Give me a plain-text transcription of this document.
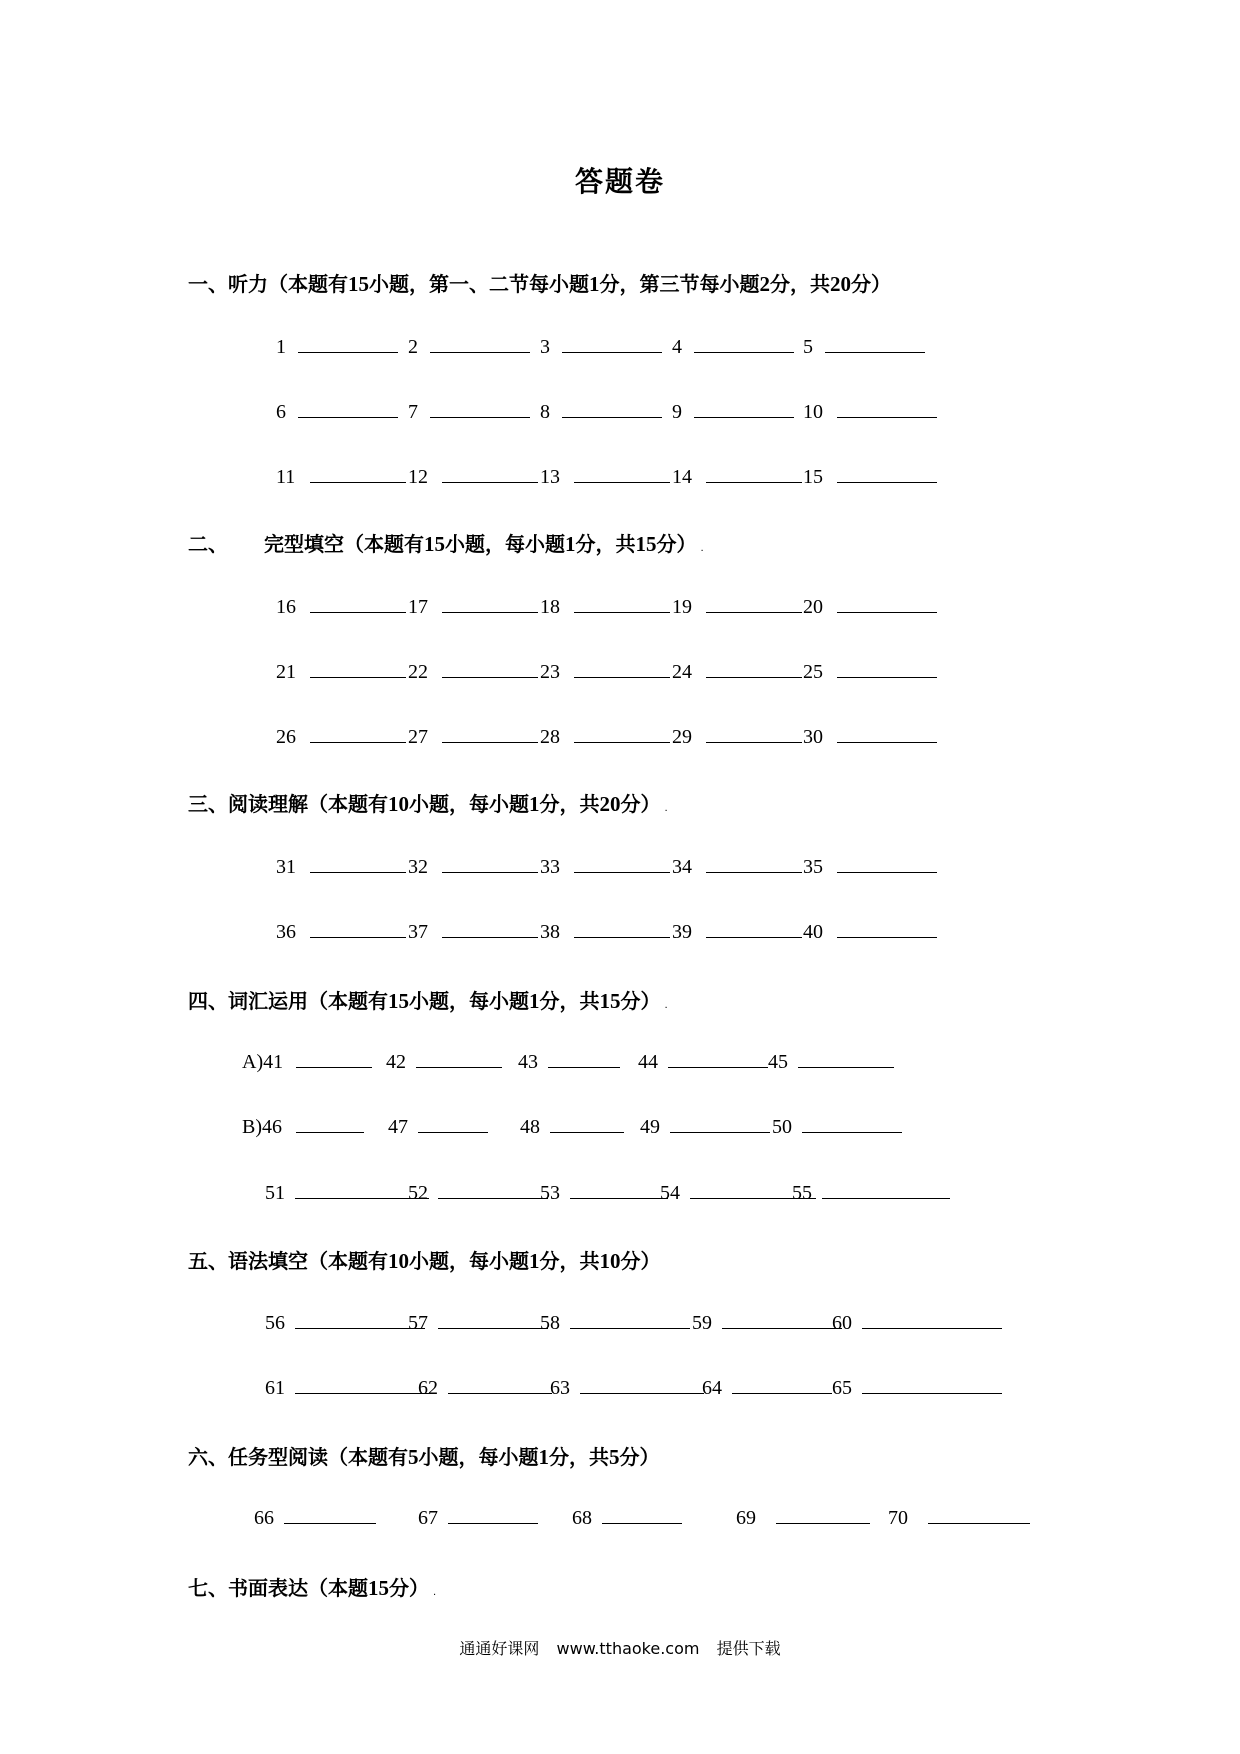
答题卷
一、听力（本题有15小题，第一、二节每小题1分，第三节每小题2分，共20分）
二、 完型填空（本题有15小题，每小题1分，共15分） .
三、阅读理解（本题有10小题，每小题1分，共20分） .
四、词汇运用（本题有15小题，每小题1分，共15分） .
五、语法填空（本题有10小题，每小题1分，共10分）
六、任务型阅读（本题有5小题，每小题1分，共5分）
七、书面表达（本题15分） .
1	2	3	4	5
6	7	8	9	10
11	12	13	14	15
16	17	18	19	20
21	22	23	24	25
26	27	28	29	30
31	32	33	34	35
36	37	38	39	40
A)41	42	43	44	45
B)46	47	48	49	50
51	52	53	54	55
56	57	58	59	60
61	62	63	64	65
66	67	68	69	70
通通好课网 www.tthaoke.com 提供下载
